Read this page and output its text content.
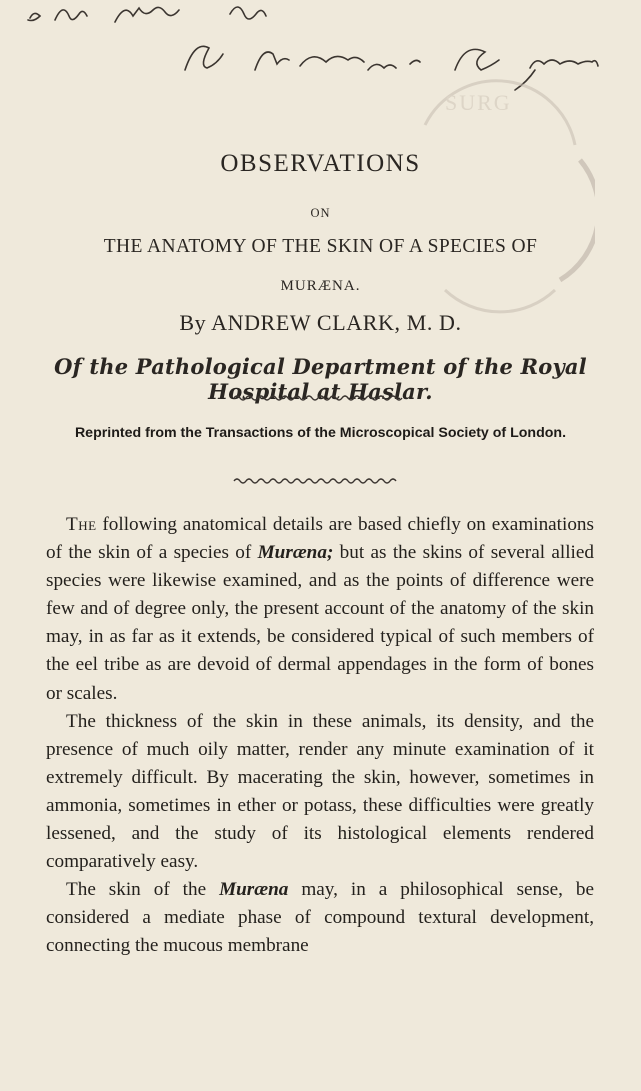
SURG
OBSERVATIONS
ON
THE ANATOMY OF THE SKIN OF A SPECIES OF
MURÆNA.
By ANDREW CLARK, M. D.
Of the Pathological Department of the Royal Hospital at Haslar.
Reprinted from the Transactions of the Microscopical Society of London.

The following anatomical details are based chiefly on examinations of the skin of a species of Muræna; but as the skins of several allied species were likewise examined, and as the points of difference were few and of degree only, the present account of the anatomy of the skin may, in as far as it extends, be considered typical of such members of the eel tribe as are devoid of dermal appendages in the form of bones or scales.

The thickness of the skin in these animals, its density, and the presence of much oily matter, render any minute examination of it extremely difficult. By macerating the skin, however, sometimes in ammonia, sometimes in ether or potass, these difficulties were greatly lessened, and the study of its histological elements rendered comparatively easy.

The skin of the Muræna may, in a philosophical sense, be considered a mediate phase of compound textural development, connecting the mucous membrane
